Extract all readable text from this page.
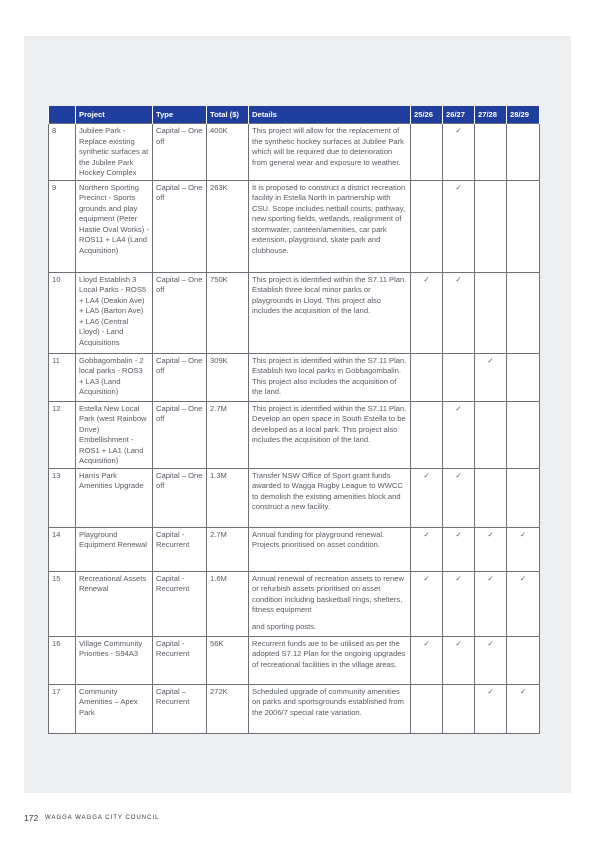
	Project	Type	Total ($)	Details	25/26	26/27	27/28	28/29
8	Jubilee Park - Replace existing synthetic surfaces at the Jubilee Park Hockey Complex	Capital – One off	400K	This project will allow for the replacement of the synthetic hockey surfaces at Jubilee Park which will be required due to deterioration from general wear and exposure to weather.		✓		
9	Northern Sporting Precinct - Sports grounds and play equipment (Peter Hastie Oval Works) - ROS11 + LA4 (Land Acquisition)	Capital – One off	263K	It is proposed to construct a district recreation facility in Estella North in partnership with CSU. Scope includes netball courts, pathway, new sporting fields, wetlands, realignment of stormwater, canteen/amenities, car park extension, playground, skate park and clubhouse.		✓		
10	Lloyd Establish 3 Local Parks - ROS5 + LA4 (Deakin Ave) + LA5 (Barton Ave) + LA6 (Central Lloyd) - Land Acquisitions	Capital – One off	750K	This project is identified within the S7.11 Plan. Establish three local minor parks or playgrounds in Lloyd. This project also includes the acquisition of the land.	✓	✓		
11	Gobbagombalin - 2 local parks - ROS3 + LA3 (Land Acquisition)	Capital – One off	309K	This project is identified within the S7.11 Plan. Establish two local parks in Gobbagombalin. This project also includes the acquisition of the land.			✓	
12	Estella New Local Park (west Rainbow Drive) Embellishment - ROS1 + LA1 (Land Acquisition)	Capital – One off	2.7M	This project is identified within the S7.11 Plan. Develop an open space in South Estella to be developed as a local park. This project also includes the acquisition of the land.		✓		
13	Harris Park Amenities Upgrade	Capital – One off	1.3M	Transfer NSW Office of Sport grant funds awarded to Wagga Rugby League to WWCC to demolish the existing amenities block and construct a new facility.	✓	✓		
14	Playground Equipment Renewal	Capital - Recurrent	2.7M	Annual funding for playground renewal. Projects prioritised on asset condition.	✓	✓	✓	✓
15	Recreational Assets Renewal	Capital - Recurrent	1.6M	Annual renewal of recreation assets to renew or refurbish assets prioritised on asset condition including basketball rings, shelters, fitness equipment
and sporting posts.	✓	✓	✓	✓
16	Village Community Priorities - S94A3	Capital - Recurrent	56K	Recurrent funds are to be utilised as per the adopted S7.12 Plan for the ongoing upgrades of recreational facilities in the village areas.	✓	✓	✓	
17	Community Amenities – Apex Park	Capital – Recurrent	272K	Scheduled upgrade of community amenities on parks and sportsgrounds established from the 2006/7 special rate variation.			✓	✓
172 WAGGA WAGGA CITY COUNCIL
